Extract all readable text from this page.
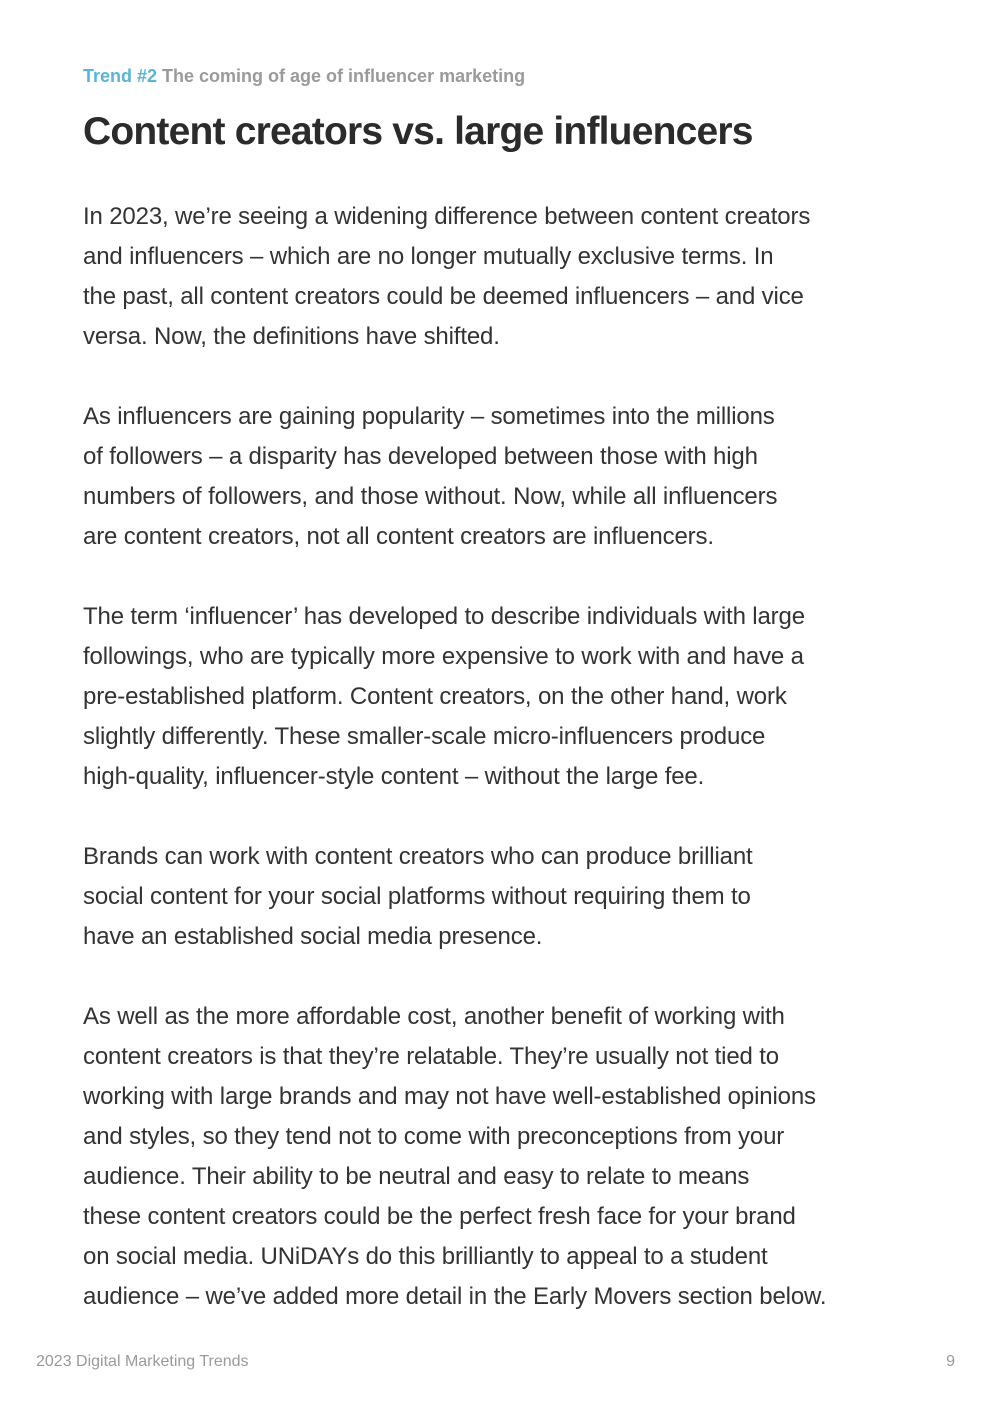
Trend #2 The coming of age of influencer marketing
Content creators vs. large influencers

In 2023, we’re seeing a widening difference between content creators
and influencers – which are no longer mutually exclusive terms. In
the past, all content creators could be deemed influencers – and vice
versa. Now, the definitions have shifted.

As influencers are gaining popularity – sometimes into the millions
of followers – a disparity has developed between those with high
numbers of followers, and those without. Now, while all influencers
are content creators, not all content creators are influencers.

The term ‘influencer’ has developed to describe individuals with large
followings, who are typically more expensive to work with and have a
pre-established platform. Content creators, on the other hand, work
slightly differently. These smaller-scale micro-influencers produce
high-quality, influencer-style content – without the large fee.

Brands can work with content creators who can produce brilliant
social content for your social platforms without requiring them to
have an established social media presence.

As well as the more affordable cost, another benefit of working with
content creators is that they’re relatable. They’re usually not tied to
working with large brands and may not have well-established opinions
and styles, so they tend not to come with preconceptions from your
audience. Their ability to be neutral and easy to relate to means
these content creators could be the perfect fresh face for your brand
on social media. UNiDAYs do this brilliantly to appeal to a student
audience – we’ve added more detail in the Early Movers section below.

2023 Digital Marketing Trends	9
